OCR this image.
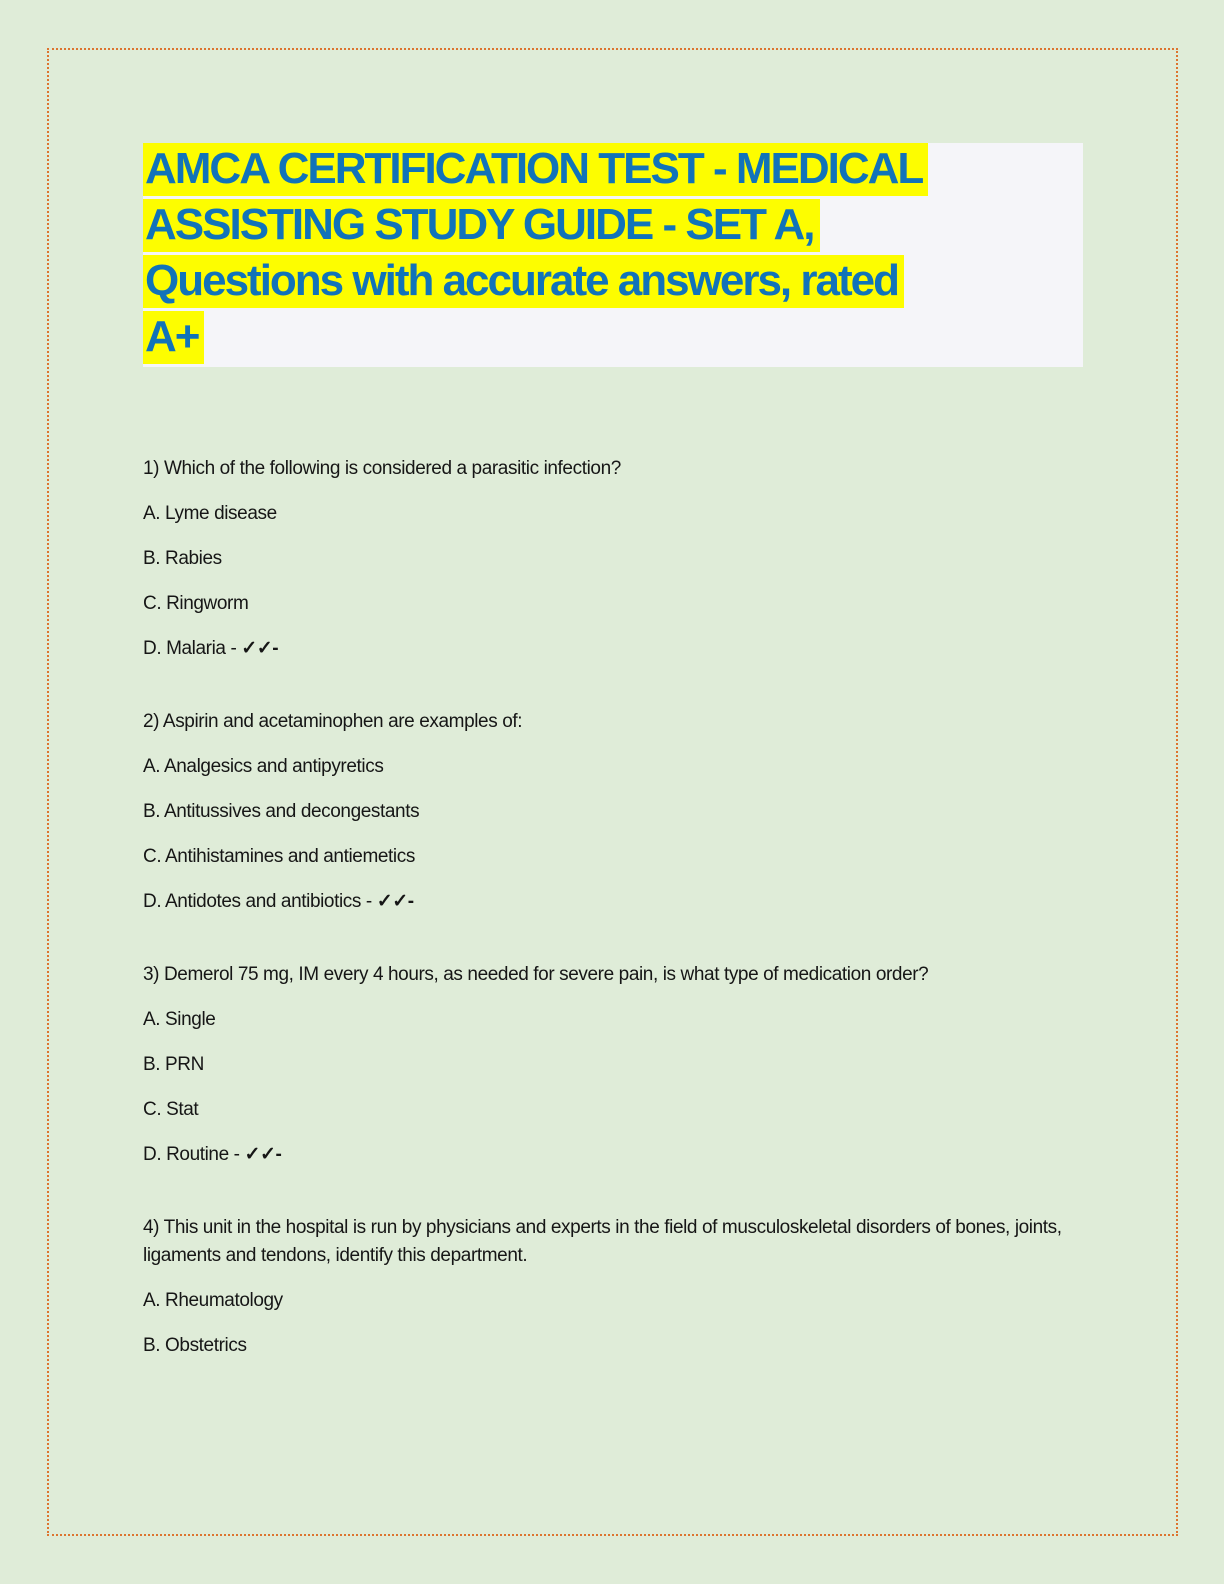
AMCA CERTIFICATION TEST - MEDICAL
ASSISTING STUDY GUIDE - SET A,
Questions with accurate answers, rated
A+

1) Which of the following is considered a parasitic infection?

A. Lyme disease

B. Rabies

C. Ringworm

D. Malaria - ✓✓-

2) Aspirin and acetaminophen are examples of:

A. Analgesics and antipyretics

B. Antitussives and decongestants

C. Antihistamines and antiemetics

D. Antidotes and antibiotics - ✓✓-

3) Demerol 75 mg, IM every 4 hours, as needed for severe pain, is what type of medication order?

A. Single

B. PRN

C. Stat

D. Routine - ✓✓-

4) This unit in the hospital is run by physicians and experts in the field of musculoskeletal disorders of bones, joints, ligaments and tendons, identify this department.

A. Rheumatology

B. Obstetrics
